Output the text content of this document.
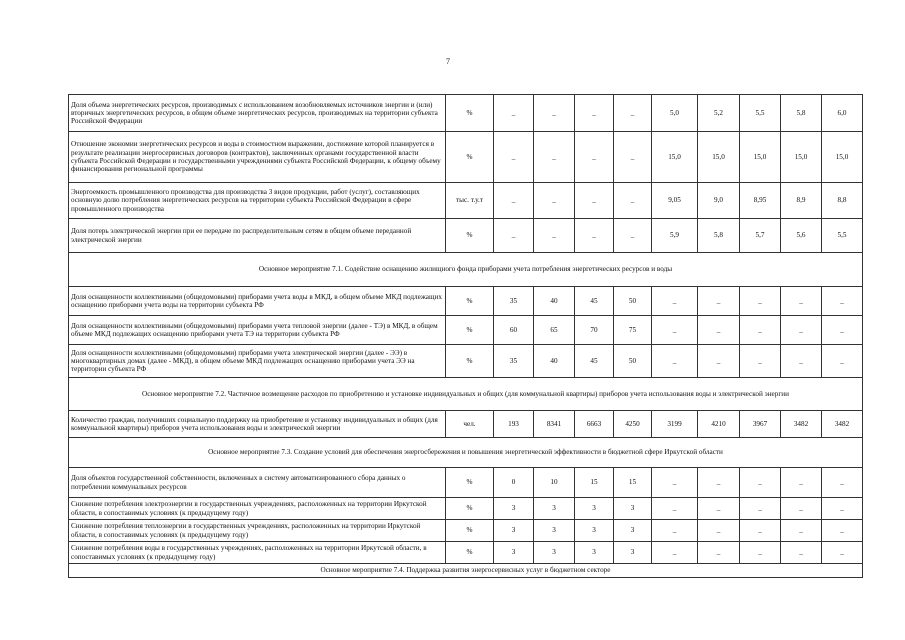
7
Доля объема энергетических ресурсов, производимых с использованием возобновляемых источников энергии и (или) вторичных энергетических ресурсов, в общем объеме энергетических ресурсов, производимых на территории субъекта Российской Федерации	%	_	_	_	_	5,0	5,2	5,5	5,8	6,0
Отношение экономии энергетических ресурсов и воды в стоимостном выражении, достижение которой планируется в результате реализации энергосервисных договоров (контрактов), заключенных органами государственной власти субъекта Российской Федерации и государственными учреждениями субъекта Российской Федерации, к общему объему финансирования региональной программы	%	_	_	_	_	15,0	15,0	15,0	15,0	15,0
Энергоемкость промышленного производства для производства 3 видов продукции, работ (услуг), составляющих основную долю потребления энергетических ресурсов на территории субъекта Российской Федерации в сфере промышленного производства	тыс. т.у.т	_	_	_	_	9,05	9,0	8,95	8,9	8,8
Доля потерь электрической энергии при ее передаче по распределительным сетям в общем объеме переданной электрической энергии	%	_	_	_	_	5,9	5,8	5,7	5,6	5,5
Основное мероприятие 7.1. Содействие оснащению жилищного фонда приборами учета потребления энергетических ресурсов и воды										
Доля оснащенности коллективными (общедомовыми) приборами учета воды в МКД, в общем объеме МКД подлежащих оснащению приборами учета воды на территории субъекта РФ	%	35	40	45	50	_	_	_	_	_
Доля оснащенности коллективными (общедомовыми) приборами учета тепловой энергии (далее - ТЭ) в МКД, в общем объеме МКД подлежащих оснащению приборами учета ТЭ на территории субъекта РФ	%	60	65	70	75	_	_	_	_	_
Доля оснащенности коллективными (общедомовыми) приборами учета электрической энергии (далее - ЭЭ) в многоквартирных домах (далее - МКД), в общем объеме МКД подлежащих оснащению приборами учета ЭЭ на территории субъекта РФ	%	35	40	45	50	_	_	_	_	_
Основное мероприятие 7.2. Частичное возмещение расходов по приобретению и установке индивидуальных и общих (для коммунальной квартиры) приборов учета использования воды и электрической энергии										
Количество граждан, получивших социальную поддержку на приобретение и установку индивидуальных и общих (для коммунальной квартиры) приборов учета использования воды и электрической энергии	чел.	193	8341	6663	4250	3199	4210	3967	3482	3482
Основное мероприятие 7.3. Создание условий для обеспечения энергосбережения и повышения энергетической эффективности в бюджетной сфере Иркутской области										
Доля объектов государственной собственности, включенных в систему автоматизированного сбора данных о потреблении коммунальных ресурсов	%	0	10	15	15	_	_	_	_	_
Снижение потребления электроэнергии в государственных учреждениях, расположенных на территории Иркутской области, в сопоставимых условиях (к предыдущему году)	%	3	3	3	3	_	_	_	_	_
Снижение потребления теплоэнергии в государственных учреждениях, расположенных на территории Иркутской области, в сопоставимых условиях (к предыдущему году)	%	3	3	3	3	_	_	_	_	_
Снижение потребления воды в государственных учреждениях, расположенных на территории Иркутской области, в сопоставимых условиях (к предыдущему году)	%	3	3	3	3	_	_	_	_	_
Основное мероприятие 7.4. Поддержка развития энергосервисных услуг в бюджетном секторе										
